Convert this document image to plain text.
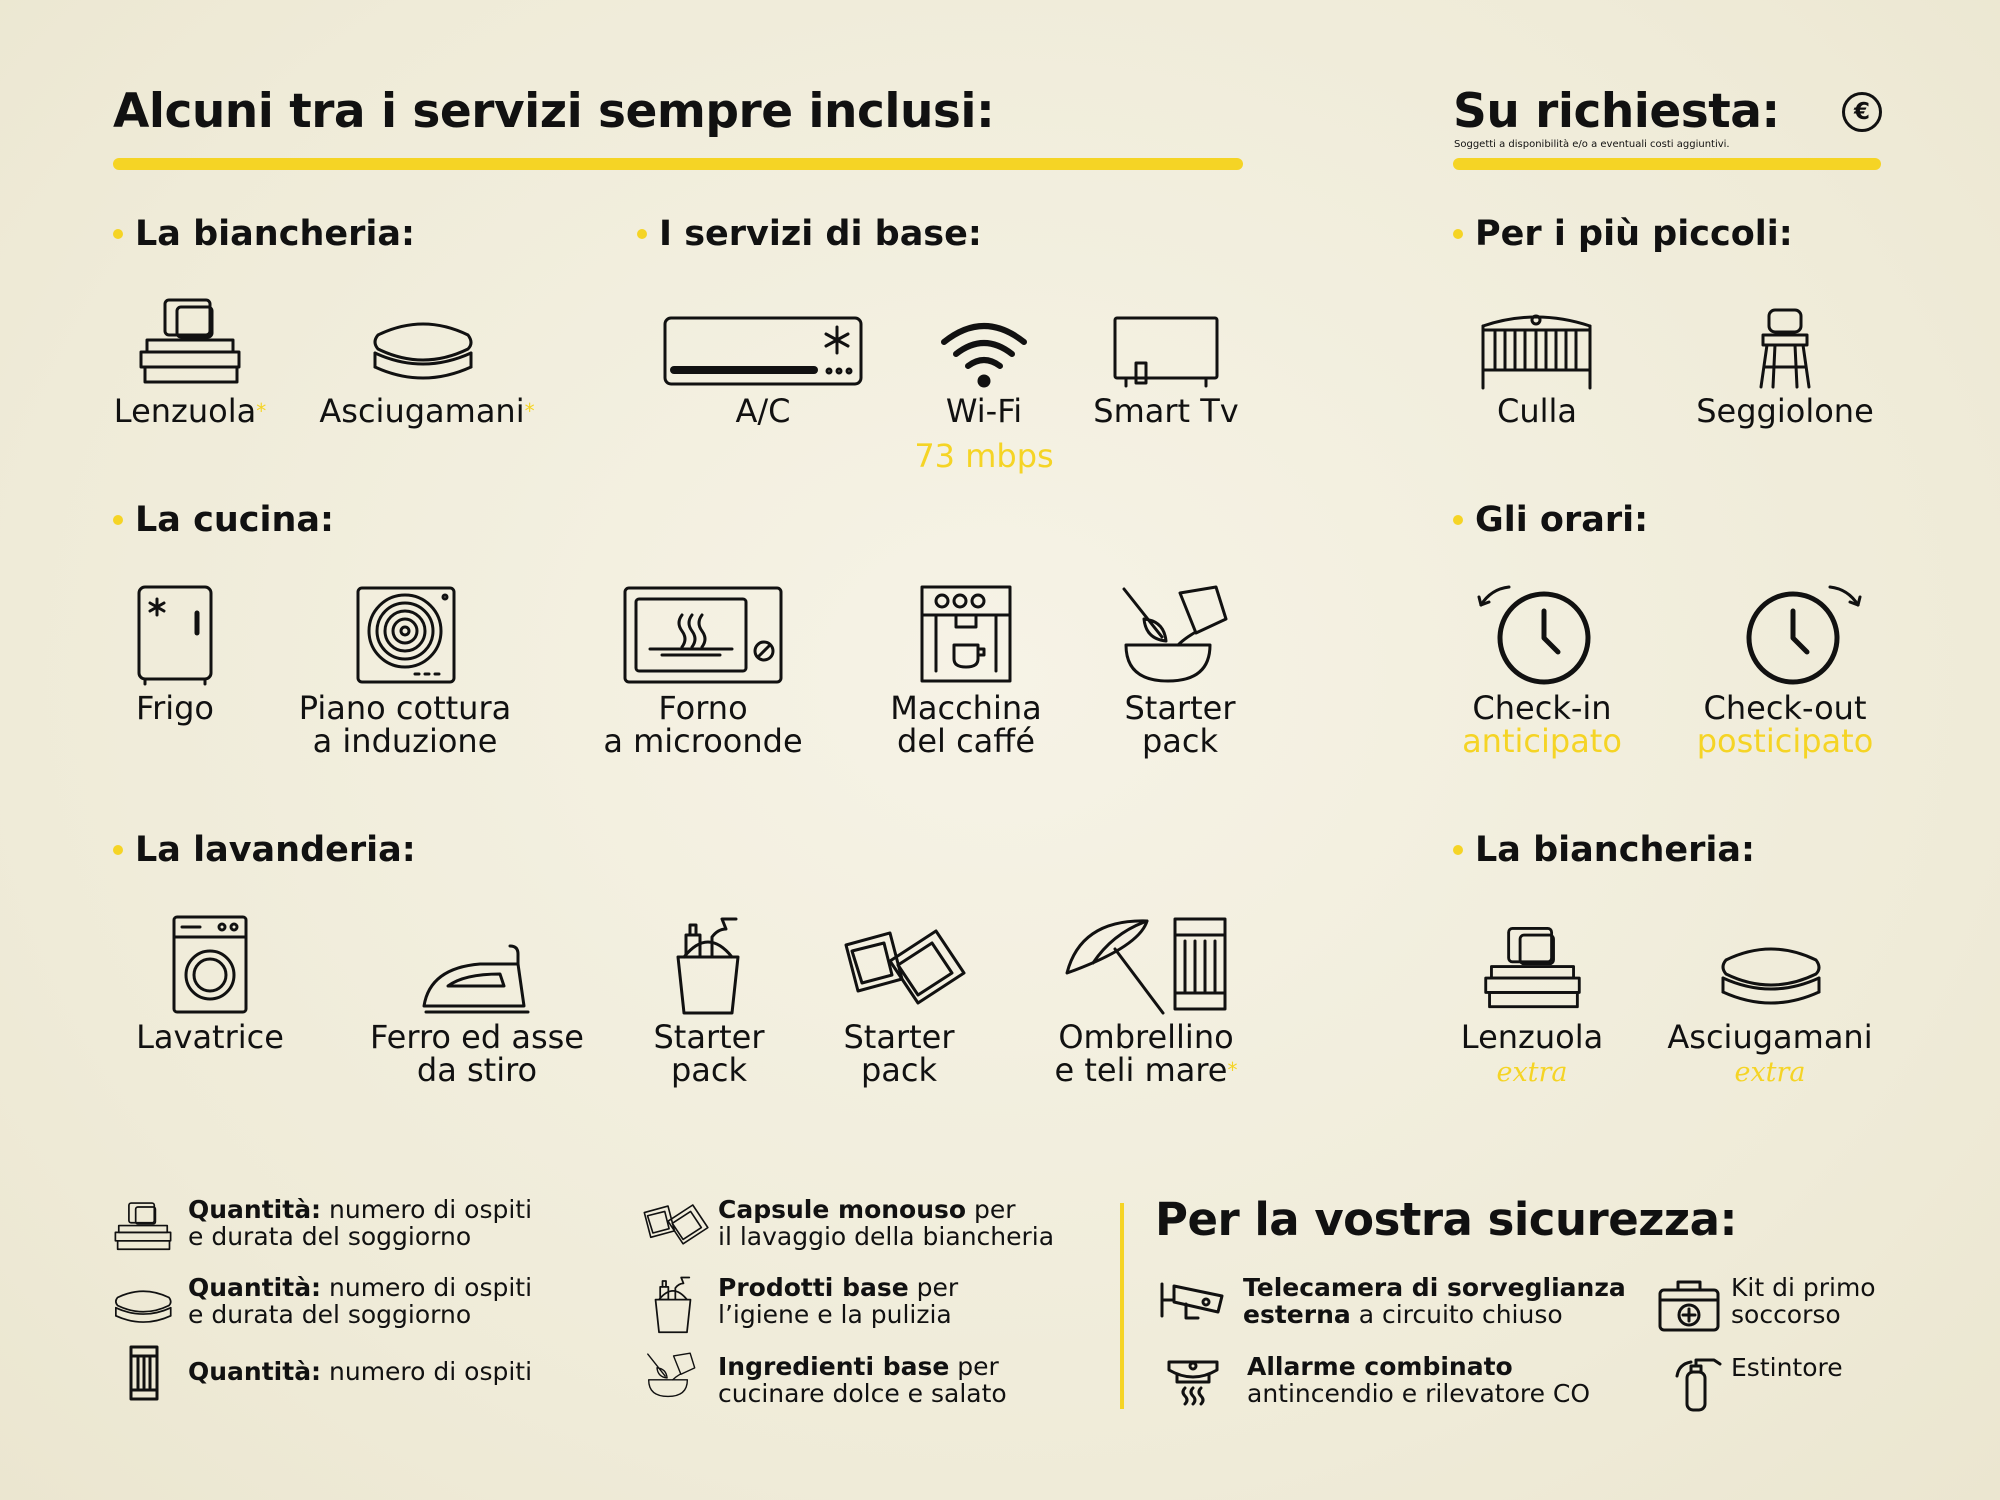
Alcuni tra i servizi sempre inclusi:	Su richiesta:
Soggetti a disponibilità e/o a eventuali costi aggiuntivi.
€
La biancheria:	I servizi di base:	Per i più piccoli:
La cucina:	Gli orari:
La lavanderia:	La biancheria:
Lenzuola* Asciugamani*	A/C	Wi-Fi
73 mbps
Smart Tv	Culla	Seggiolone
Frigo	Piano cottura
a induzione
Forno
a microonde
Macchina
del caffé
Starter
pack
Check-in
anticipato
Check-out
posticipato
Lavatrice	Ferro ed asse
da stiro
Starter
pack
Starter
pack
Ombrellino
e teli mare*
Lenzuola
extra
Asciugamani
extra
Quantità: numero di ospiti
e durata del soggiorno
Quantità: numero di ospiti
e durata del soggiorno
Quantità: numero di ospiti
Capsule monouso per
il lavaggio della biancheria
Prodotti base per
l’igiene e la pulizia
Ingredienti base per
cucinare dolce e salato
Per la vostra sicurezza:
Telecamera di sorveglianza
esterna a circuito chiuso
Allarme combinato
antincendio e rilevatore CO
Kit di primo
soccorso
Estintore
